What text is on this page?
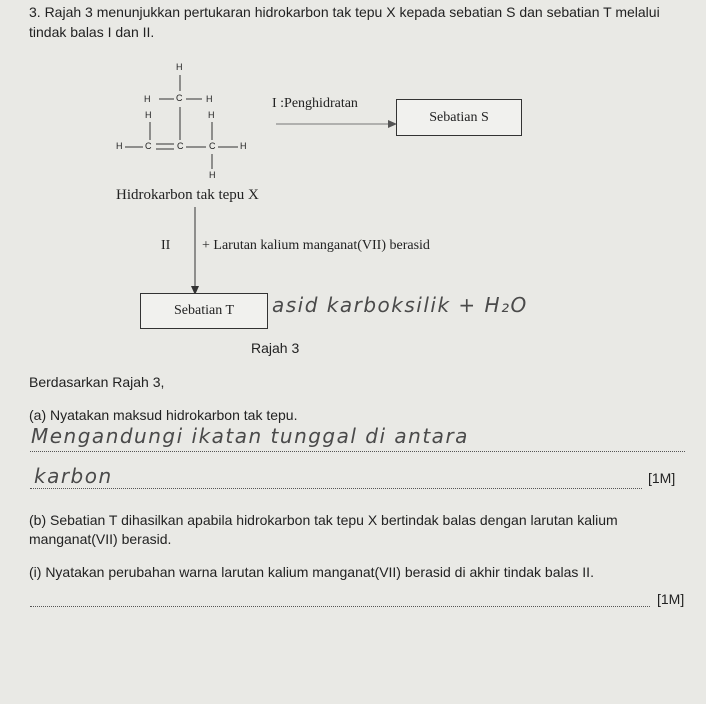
3. Rajah 3 menunjukkan pertukaran hidrokarbon tak tepu X kepada sebatian S dan sebatian T melalui
tindak balas I dan II.
H
H	C	H
H	H
H	C	C	C	H
H
I :Penghidratan
Sebatian S
Hidrokarbon tak tepu X
II + Larutan kalium manganat(VII) berasid
Sebatian T asid karboksilik + H₂O
Rajah 3
Berdasarkan Rajah 3,
(a) Nyatakan maksud hidrokarbon tak tepu.
Mengandungi ikatan tunggal di antara
karbon	[1M]
(b) Sebatian T dihasilkan apabila hidrokarbon tak tepu X bertindak balas dengan larutan kalium
manganat(VII) berasid.
(i) Nyatakan perubahan warna larutan kalium manganat(VII) berasid di akhir tindak balas II.
[1M]
